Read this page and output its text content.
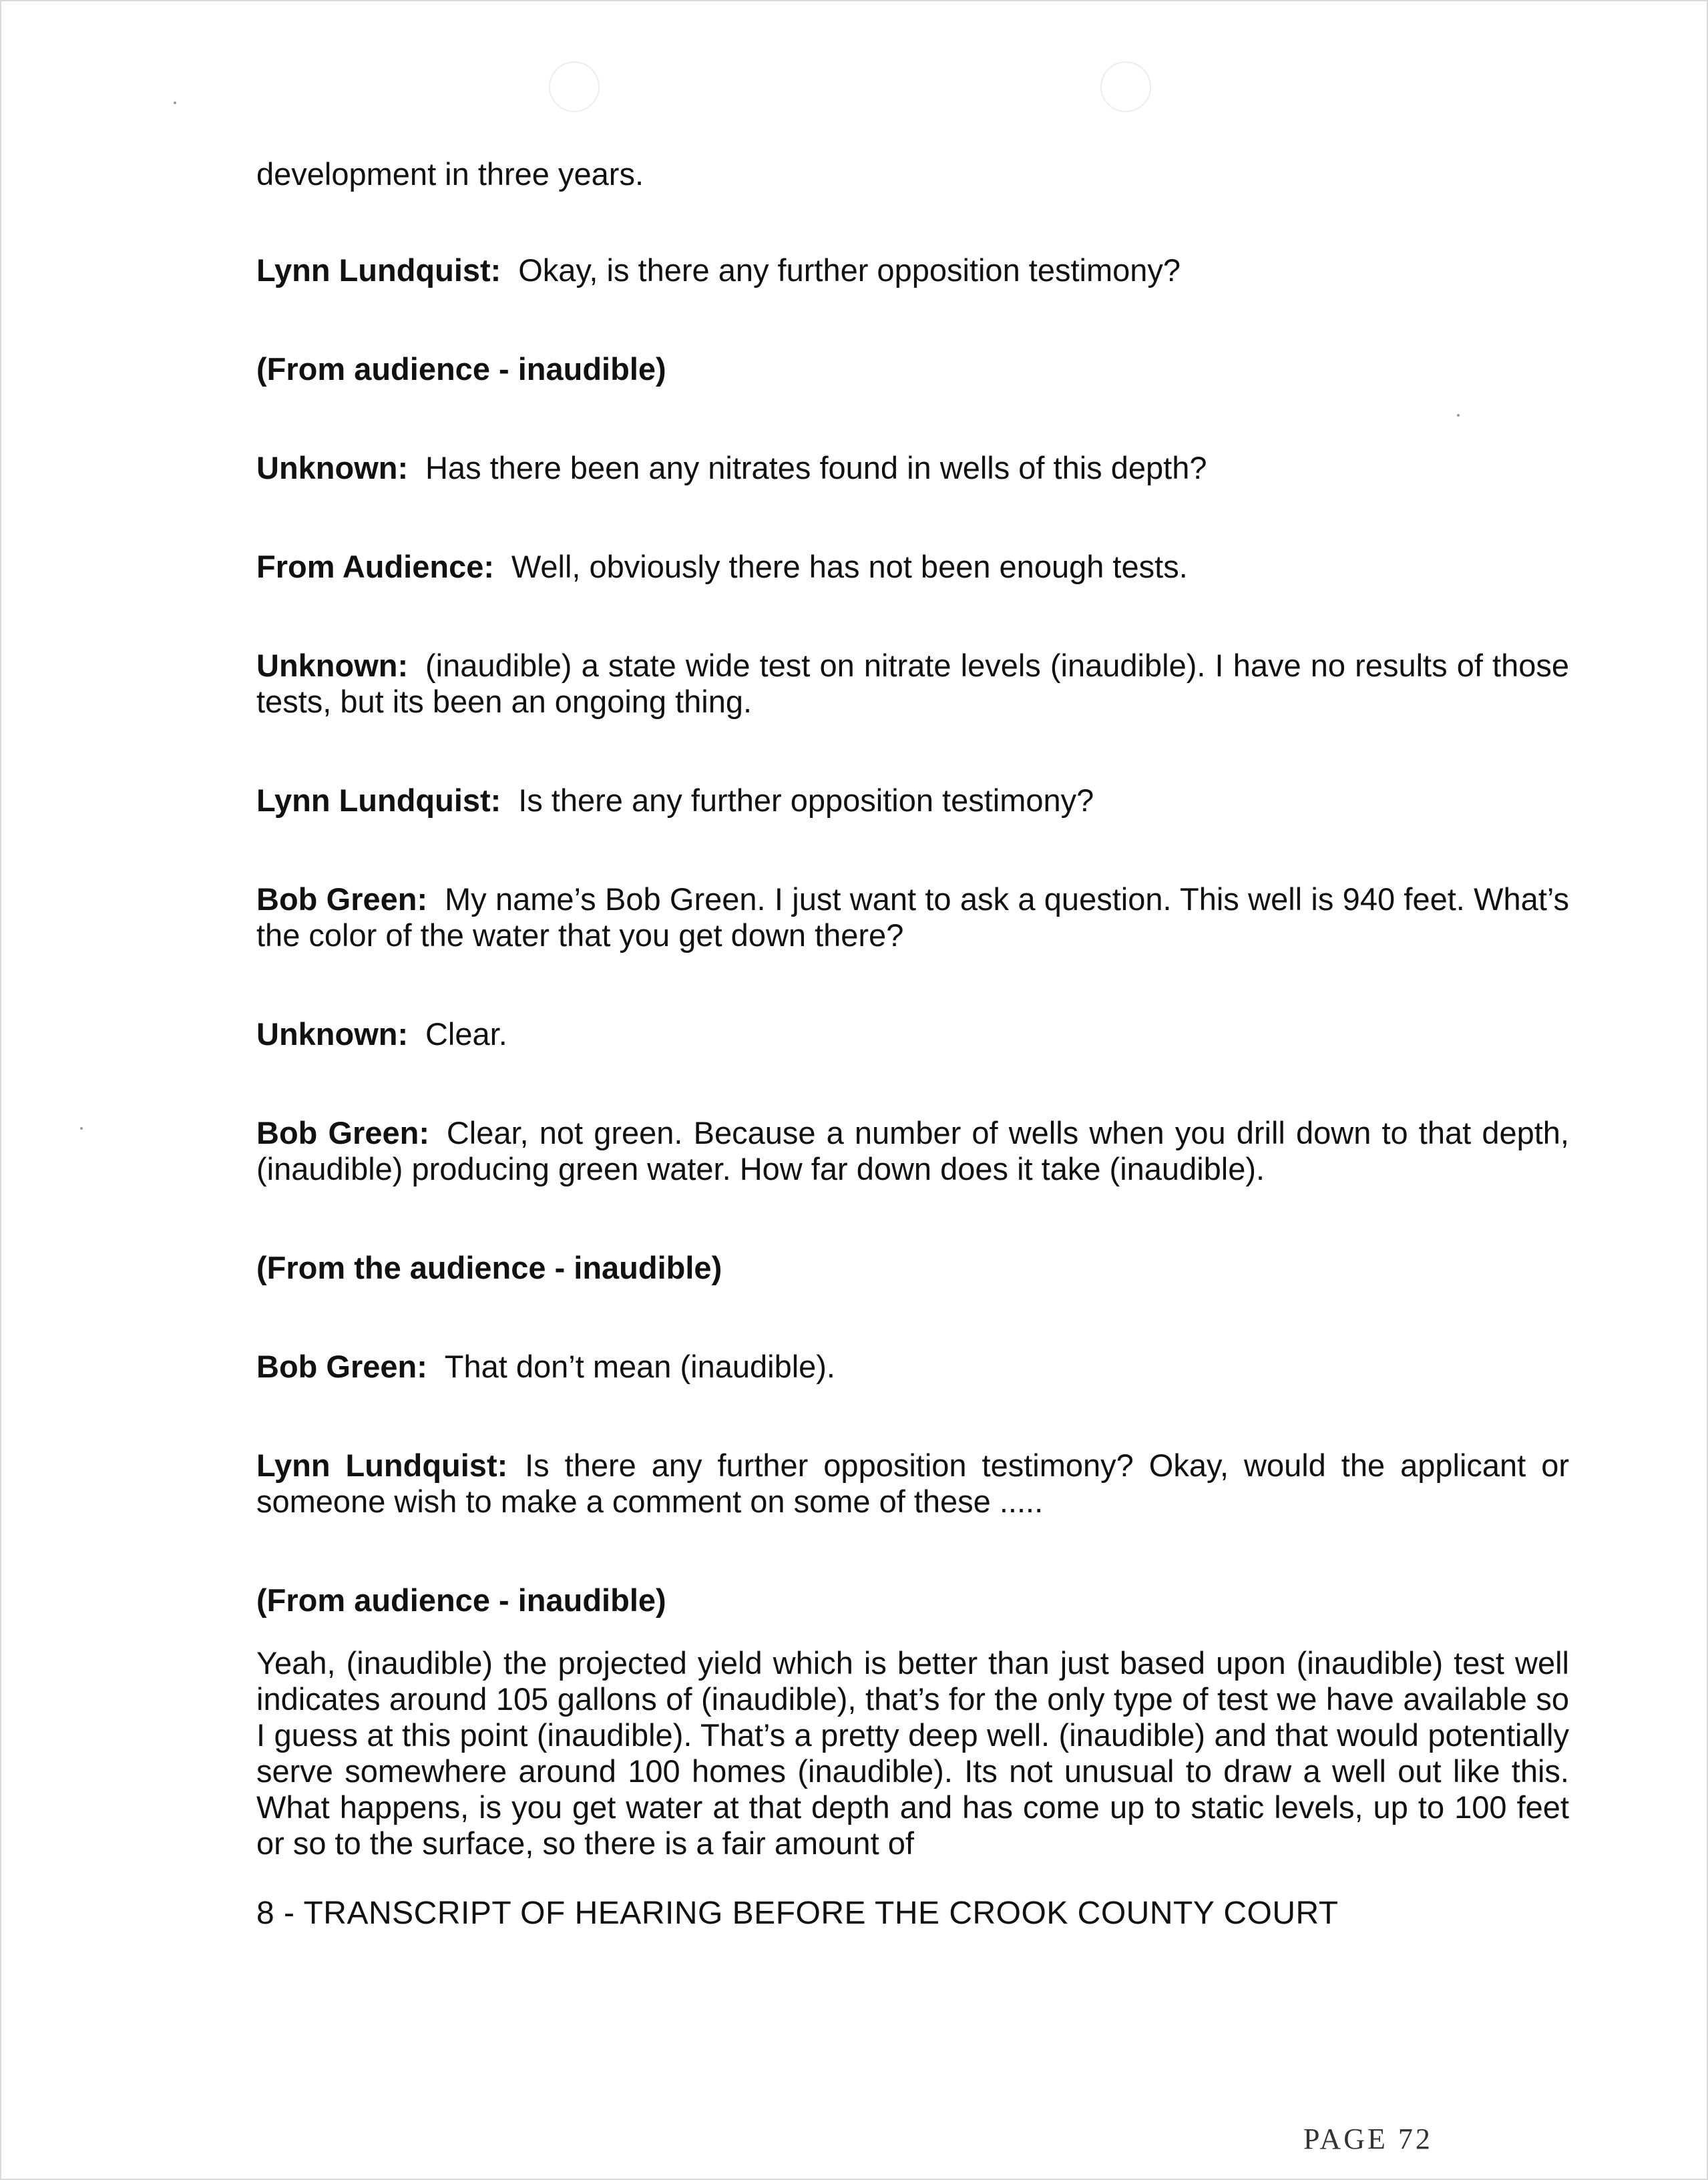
development in three years.

Lynn Lundquist: Okay, is there any further opposition testimony?

(From audience - inaudible)

Unknown: Has there been any nitrates found in wells of this depth?

From Audience: Well, obviously there has not been enough tests.

Unknown: (inaudible) a state wide test on nitrate levels (inaudible). I have no results of those tests, but its been an ongoing thing.

Lynn Lundquist: Is there any further opposition testimony?

Bob Green: My name’s Bob Green. I just want to ask a question. This well is 940 feet. What’s the color of the water that you get down there?

Unknown: Clear.

Bob Green: Clear, not green. Because a number of wells when you drill down to that depth, (inaudible) producing green water. How far down does it take (inaudible).

(From the audience - inaudible)

Bob Green: That don’t mean (inaudible).

Lynn Lundquist: Is there any further opposition testimony? Okay, would the applicant or someone wish to make a comment on some of these .....

(From audience - inaudible)

Yeah, (inaudible) the projected yield which is better than just based upon (inaudible) test well indicates around 105 gallons of (inaudible), that’s for the only type of test we have available so I guess at this point (inaudible). That’s a pretty deep well. (inaudible) and that would potentially serve somewhere around 100 homes (inaudible). Its not unusual to draw a well out like this. What happens, is you get water at that depth and has come up to static levels, up to 100 feet or so to the surface, so there is a fair amount of

8 - TRANSCRIPT OF HEARING BEFORE THE CROOK COUNTY COURT
PAGE 72
